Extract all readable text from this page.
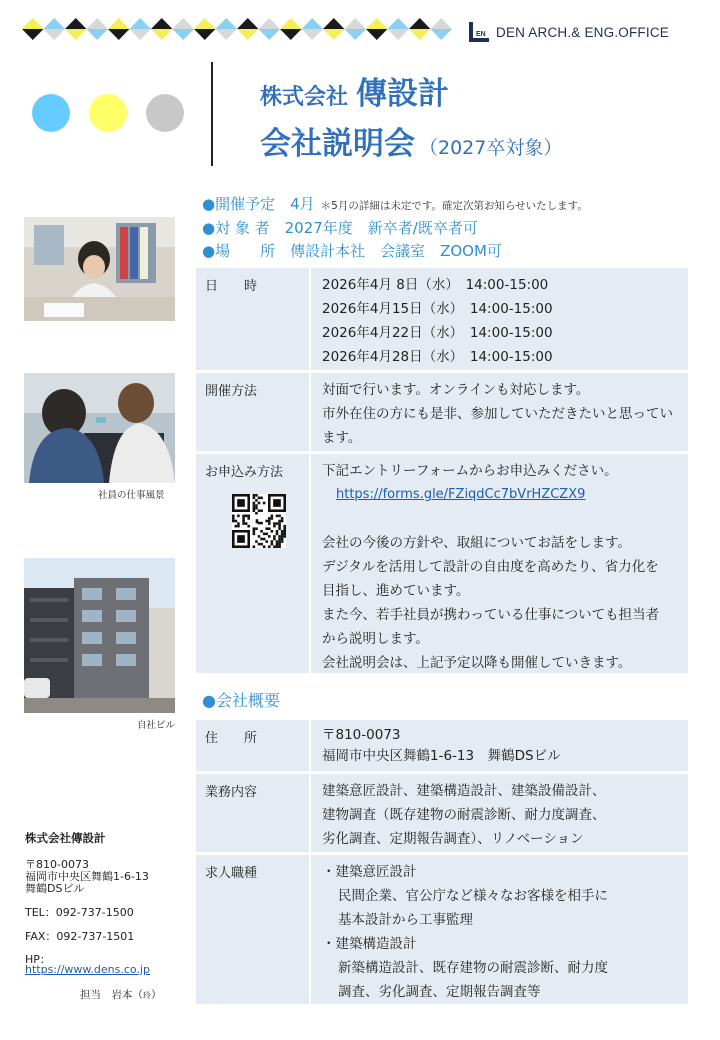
EN DEN ARCH.& ENG.OFFICE
株式会社 傳設計
会社説明会 （2027卒対象）
●開催予定　4月 ＊5月の詳細は未定です。確定次第お知らせいたします。
●対 象 者　2027年度　新卒者/既卒者可
●場　　所　傳設計本社　会議室　ZOOM可
社員の仕事風景
自社ビル
日　　時	2026年4月 8日（水）　14:00-15:00
2026年4月15日（水）　14:00-15:00
2026年4月22日（水）　14:00-15:00
2026年4月28日（水）　14:00-15:00
開催方法	対面で行います。オンラインも対応します。
市外在住の方にも是非、参加していただきたいと思ってい
ます。
お申込み方法	下記エントリーフォームからお申込みください。
https://forms.gle/FZiqdCc7bVrHZCZX9
会社の今後の方針や、取組についてお話をします。
デジタルを活用して設計の自由度を高めたり、省力化を
目指し、進めています。
また今、若手社員が携わっている仕事についても担当者
から説明します。
会社説明会は、上記予定以降も開催していきます。
●会社概要
住　　所	〒810-0073
福岡市中央区舞鶴1-6-13　舞鶴DSビル
業務内容	建築意匠設計、建築構造設計、建築設備設計、
建物調査（既存建物の耐震診断、耐力度調査、
劣化調査、定期報告調査）、リノベーション
求人職種	・建築意匠設計
民間企業、官公庁など様々なお客様を相手に
基本設計から工事監理
・建築構造設計
新築構造設計、既存建物の耐震診断、耐力度
調査、劣化調査、定期報告調査等
株式会社傳設計
〒810-0073
福岡市中央区舞鶴1-6-13
舞鶴DSビル
TEL：092-737-1500
FAX：092-737-1501
HP：
https://www.dens.co.jp
担当　岩本（玲）
